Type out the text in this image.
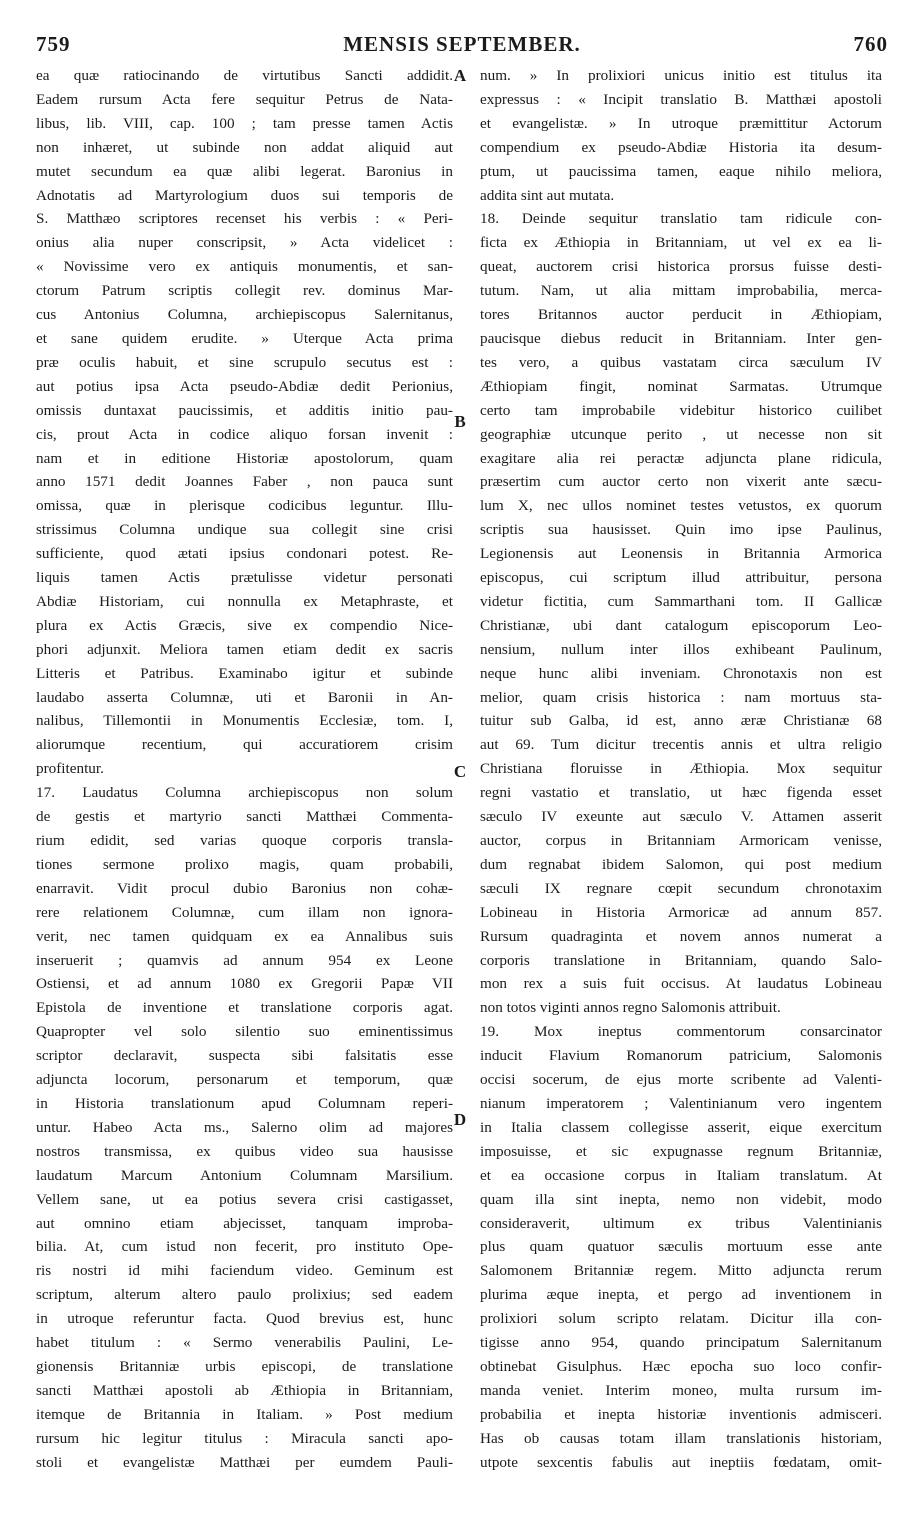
759	MENSIS SEPTEMBER.	760
ea quæ ratiocinando de virtutibus Sancti addidit.
Eadem rursum Acta fere sequitur Petrus de Nata-
libus, lib. VIII, cap. 100 ; tam presse tamen Actis
non inhæret, ut subinde non addat aliquid aut
mutet secundum ea quæ alibi legerat. Baronius in
Adnotatis ad Martyrologium duos sui temporis de
S. Matthæo scriptores recenset his verbis : « Peri-
onius alia nuper conscripsit, » Acta videlicet :
« Novissime vero ex antiquis monumentis, et san-
ctorum Patrum scriptis collegit rev. dominus Mar-
cus Antonius Columna, archiepiscopus Salernitanus,
et sane quidem erudite. » Uterque Acta prima
præ oculis habuit, et sine scrupulo secutus est :
aut potius ipsa Acta pseudo-Abdiæ dedit Perionius,
omissis duntaxat paucissimis, et additis initio pau-
cis, prout Acta in codice aliquo forsan invenit :
nam et in editione Historiæ apostolorum, quam
anno 1571 dedit Joannes Faber , non pauca sunt
omissa, quæ in plerisque codicibus leguntur. Illu-
strissimus Columna undique sua collegit sine crisi
sufficiente, quod ætati ipsius condonari potest. Re-
liquis tamen Actis prætulisse videtur personati
Abdiæ Historiam, cui nonnulla ex Metaphraste, et
plura ex Actis Græcis, sive ex compendio Nice-
phori adjunxit. Meliora tamen etiam dedit ex sacris
Litteris et Patribus. Examinabo igitur et subinde
laudabo asserta Columnæ, uti et Baronii in An-
nalibus, Tillemontii in Monumentis Ecclesiæ, tom. I,
aliorumque recentium, qui accuratiorem crisim
profitentur.
17. Laudatus Columna archiepiscopus non solum
de gestis et martyrio sancti Matthæi Commenta-
rium edidit, sed varias quoque corporis transla-
tiones sermone prolixo magis, quam probabili,
enarravit. Vidit procul dubio Baronius non cohæ-
rere relationem Columnæ, cum illam non ignora-
verit, nec tamen quidquam ex ea Annalibus suis
inseruerit ; quamvis ad annum 954 ex Leone
Ostiensi, et ad annum 1080 ex Gregorii Papæ VII
Epistola de inventione et translatione corporis agat.
Quapropter vel solo silentio suo eminentissimus
scriptor declaravit, suspecta sibi falsitatis esse
adjuncta locorum, personarum et temporum, quæ
in Historia translationum apud Columnam reperi-
untur. Habeo Acta ms., Salerno olim ad majores
nostros transmissa, ex quibus video sua hausisse
laudatum Marcum Antonium Columnam Marsilium.
Vellem sane, ut ea potius severa crisi castigasset,
aut omnino etiam abjecisset, tanquam improba-
bilia. At, cum istud non fecerit, pro instituto Ope-
ris nostri id mihi faciendum video. Geminum est
scriptum, alterum altero paulo prolixius; sed eadem
in utroque referuntur facta. Quod brevius est, hunc
habet titulum : « Sermo venerabilis Paulini, Le-
gionensis Britanniæ urbis episcopi, de translatione
sancti Matthæi apostoli ab Æthiopia in Britanniam,
itemque de Britannia in Italiam. » Post medium
rursum hic legitur titulus : Miracula sancti apo-
stoli et evangelistæ Matthæi per eumdem Pauli-
num. » In prolixiori unicus initio est titulus ita
expressus : « Incipit translatio B. Matthæi apostoli
et evangelistæ. » In utroque præmittitur Actorum
compendium ex pseudo-Abdiæ Historia ita desum-
ptum, ut paucissima tamen, eaque nihilo meliora,
addita sint aut mutata.
18. Deinde sequitur translatio tam ridicule con-
ficta ex Æthiopia in Britanniam, ut vel ex ea li-
queat, auctorem crisi historica prorsus fuisse desti-
tutum. Nam, ut alia mittam improbabilia, merca-
tores Britannos auctor perducit in Æthiopiam,
paucisque diebus reducit in Britanniam. Inter gen-
tes vero, a quibus vastatam circa sæculum IV
Æthiopiam fingit, nominat Sarmatas. Utrumque
certo tam improbabile videbitur historico cuilibet
geographiæ utcunque perito , ut necesse non sit
exagitare alia rei peractæ adjuncta plane ridicula,
præsertim cum auctor certo non vixerit ante sæcu-
lum X, nec ullos nominet testes vetustos, ex quorum
scriptis sua hausisset. Quin imo ipse Paulinus,
Legionensis aut Leonensis in Britannia Armorica
episcopus, cui scriptum illud attribuitur, persona
videtur fictitia, cum Sammarthani tom. II Gallicæ
Christianæ, ubi dant catalogum episcoporum Leo-
nensium, nullum inter illos exhibeant Paulinum,
neque hunc alibi inveniam. Chronotaxis non est
melior, quam crisis historica : nam mortuus sta-
tuitur sub Galba, id est, anno æræ Christianæ 68
aut 69. Tum dicitur trecentis annis et ultra religio
Christiana floruisse in Æthiopia. Mox sequitur
regni vastatio et translatio, ut hæc figenda esset
sæculo IV exeunte aut sæculo V. Attamen asserit
auctor, corpus in Britanniam Armoricam venisse,
dum regnabat ibidem Salomon, qui post medium
sæculi IX regnare cœpit secundum chronotaxim
Lobineau in Historia Armoricæ ad annum 857.
Rursum quadraginta et novem annos numerat a
corporis translatione in Britanniam, quando Salo-
mon rex a suis fuit occisus. At laudatus Lobineau
non totos viginti annos regno Salomonis attribuit.
19. Mox ineptus commentorum consarcinator
inducit Flavium Romanorum patricium, Salomonis
occisi socerum, de ejus morte scribente ad Valenti-
nianum imperatorem ; Valentinianum vero ingentem
in Italia classem collegisse asserit, eique exercitum
imposuisse, et sic expugnasse regnum Britanniæ,
et ea occasione corpus in Italiam translatum. At
quam illa sint inepta, nemo non videbit, modo
consideraverit, ultimum ex tribus Valentinianis
plus quam quatuor sæculis mortuum esse ante
Salomonem Britanniæ regem. Mitto adjuncta rerum
plurima æque inepta, et pergo ad inventionem in
prolixiori solum scripto relatam. Dicitur illa con-
tigisse anno 954, quando principatum Salernitanum
obtinebat Gisulphus. Hæc epocha suo loco confir-
manda veniet. Interim moneo, multa rursum im-
probabilia et inepta historiæ inventionis admisceri.
Has ob causas totam illam translationis historiam,
utpote sexcentis fabulis aut ineptiis fœdatam, omit-
A
B
C
D
